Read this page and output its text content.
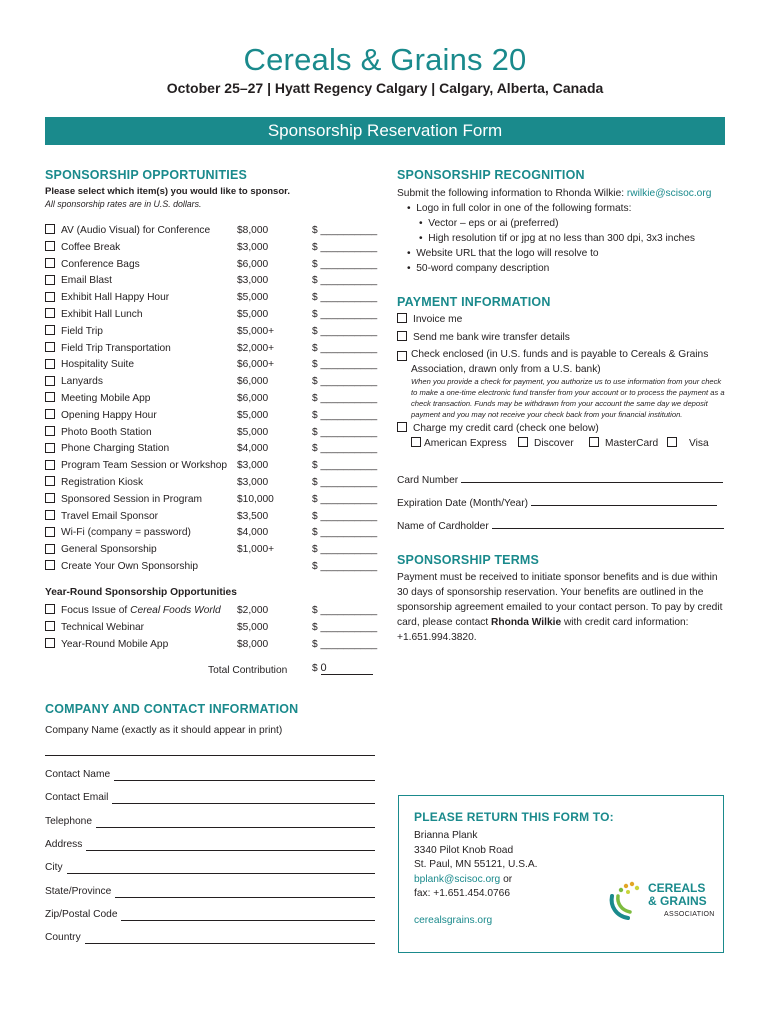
Cereals & Grains 20
October 25–27 | Hyatt Regency Calgary | Calgary, Alberta, Canada
Sponsorship Reservation Form
SPONSORSHIP OPPORTUNITIES
Please select which item(s) you would like to sponsor.
All sponsorship rates are in U.S. dollars.
AV (Audio Visual) for Conference	$8,000	$ __________
Coffee Break	$3,000	$ __________
Conference Bags	$6,000	$ __________
Email Blast	$3,000	$ __________
Exhibit Hall Happy Hour	$5,000	$ __________
Exhibit Hall Lunch	$5,000	$ __________
Field Trip	$5,000+	$ __________
Field Trip Transportation	$2,000+	$ __________
Hospitality Suite	$6,000+	$ __________
Lanyards	$6,000	$ __________
Meeting Mobile App	$6,000	$ __________
Opening Happy Hour	$5,000	$ __________
Photo Booth Station	$5,000	$ __________
Phone Charging Station	$4,000	$ __________
Program Team Session or Workshop $3,000	$ __________
Registration Kiosk	$3,000	$ __________
Sponsored Session in Program	$10,000	$ __________
Travel Email Sponsor	$3,500	$ __________
Wi-Fi (company = password)	$4,000	$ __________
General Sponsorship	$1,000+	$ __________
Create Your Own Sponsorship	$ __________
Year-Round Sponsorship Opportunities
Focus Issue of Cereal Foods World $2,000	$ __________
Technical Webinar	$5,000	$ __________
Year-Round Mobile App	$8,000	$ __________
Total Contribution $ 0
SPONSORSHIP RECOGNITION
Submit the following information to Rhonda Wilkie: rwilkie@scisoc.org
•  Logo in full color in one of the following formats:
•  Vector – eps or ai (preferred)
•  High resolution tif or jpg at no less than 300 dpi, 3x3 inches
•  Website URL that the logo will resolve to
•  50-word company description
PAYMENT INFORMATION
Invoice me
Send me bank wire transfer details
Check enclosed (in U.S. funds and is payable to Cereals & Grains Association, drawn only from a U.S. bank)
When you provide a check for payment, you authorize us to use information from your check to make a one-time electronic fund transfer from your account or to process the payment as a check transaction. Funds may be withdrawn from your account the same day we deposit payment and you may not receive your check back from your financial institution.
Charge my credit card (check one below)
American Express	Discover	MasterCard	Visa
Card Number
Expiration Date (Month/Year)
Name of Cardholder
SPONSORSHIP TERMS
Payment must be received to initiate sponsor benefits and is due within 30 days of sponsorship reservation. Your benefits are outlined in the sponsorship agreement emailed to your contact person. To pay by credit card, please contact Rhonda Wilkie with credit card information: +1.651.994.3820.
COMPANY AND CONTACT INFORMATION
Company Name (exactly as it should appear in print)
Contact Name
Contact Email
Telephone
Address
City
State/Province
Zip/Postal Code
Country
PLEASE RETURN THIS FORM TO:
Brianna Plank
3340 Pilot Knob Road
St. Paul, MN 55121, U.S.A.
bplank@scisoc.org or
fax: +1.651.454.0766
cerealsgrains.org
CEREALS
& GRAINS
ASSOCIATION
